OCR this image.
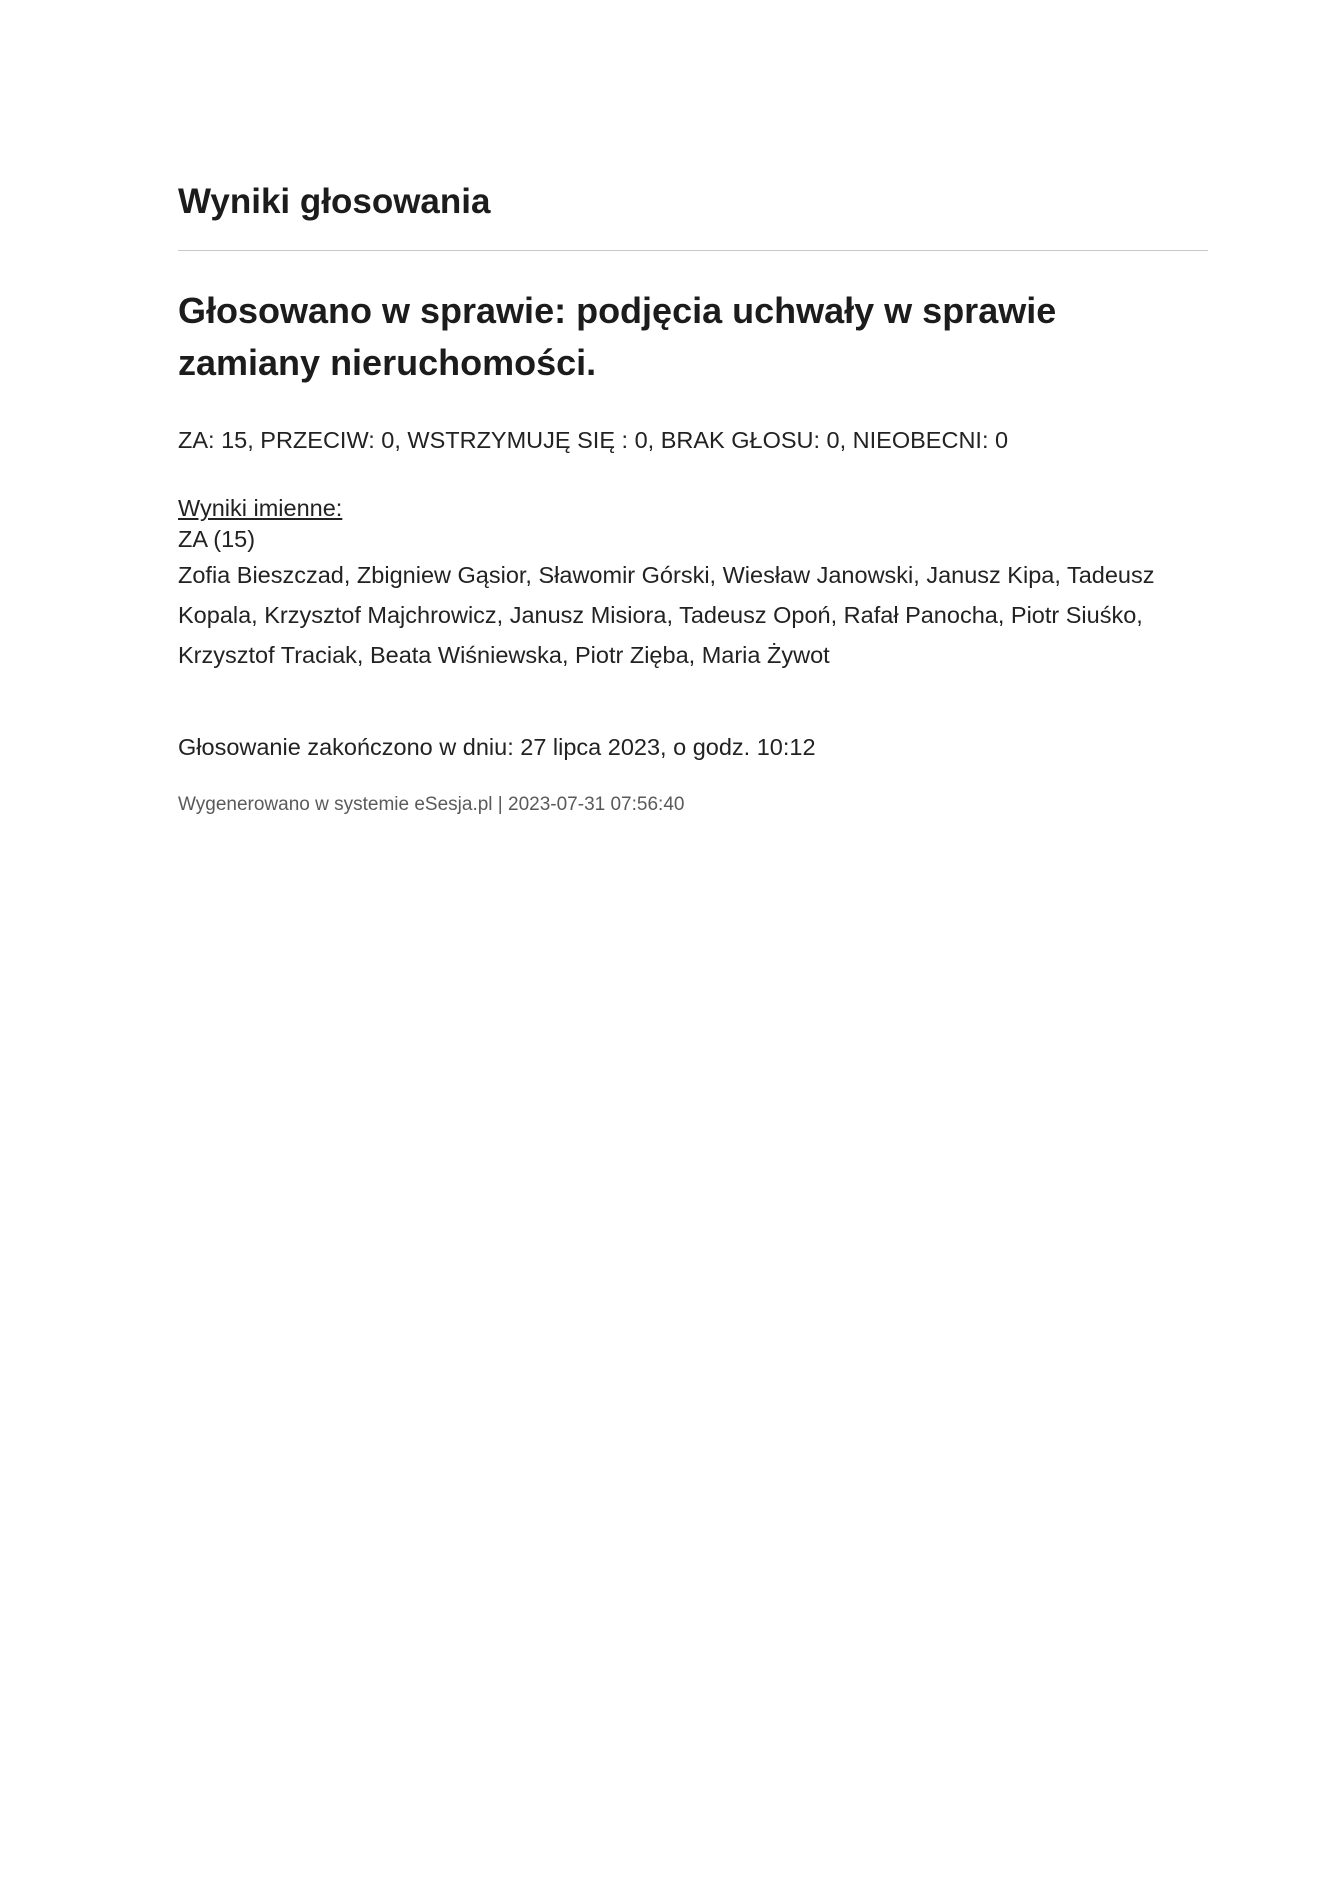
Wyniki głosowania
Głosowano w sprawie: podjęcia uchwały w sprawie zamiany nieruchomości.
ZA: 15, PRZECIW: 0, WSTRZYMUJĘ SIĘ : 0, BRAK GŁOSU: 0, NIEOBECNI: 0
Wyniki imienne:
ZA (15)
Zofia Bieszczad, Zbigniew Gąsior, Sławomir Górski, Wiesław Janowski, Janusz Kipa, Tadeusz Kopala, Krzysztof Majchrowicz, Janusz Misiora, Tadeusz Opoń, Rafał Panocha, Piotr Siuśko, Krzysztof Traciak, Beata Wiśniewska, Piotr Zięba, Maria Żywot
Głosowanie zakończono w dniu: 27 lipca 2023, o godz. 10:12
Wygenerowano w systemie eSesja.pl | 2023-07-31 07:56:40
